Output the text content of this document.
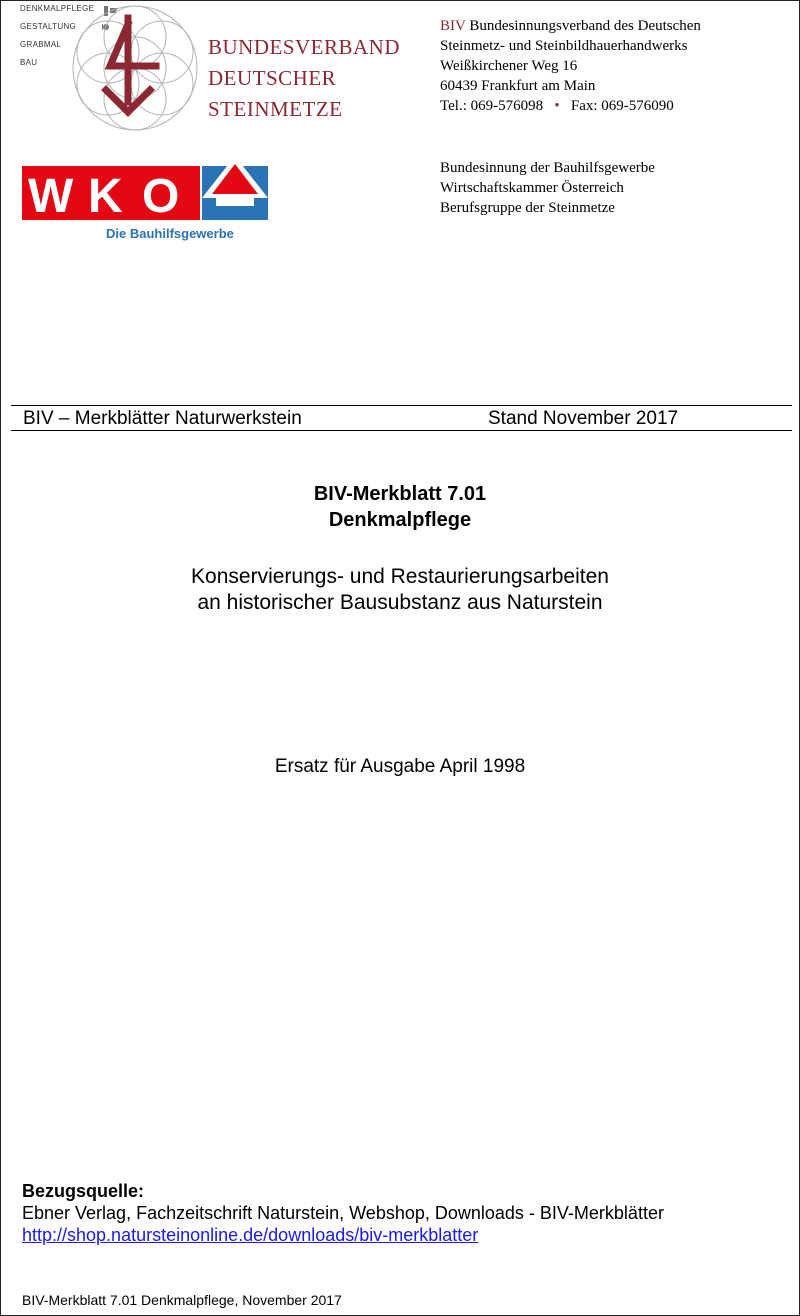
DENKMALPFLEGE
GESTALTUNG
GRABMAL
BAU
BUNDESVERBAND
DEUTSCHER
STEINMETZE
BIV Bundesinnungsverband des Deutschen
Steinmetz- und Steinbildhauerhandwerks
Weißkirchener Weg 16
60439 Frankfurt am Main
Tel.: 069-576098 • Fax: 069-576090
W K O
Die Bauhilfsgewerbe
Bundesinnung der Bauhilfsgewerbe
Wirtschaftskammer Österreich
Berufsgruppe der Steinmetze
BIV – Merkblätter Naturwerkstein	Stand November 2017
BIV-Merkblatt 7.01
Denkmalpflege
Konservierungs- und Restaurierungsarbeiten
an historischer Bausubstanz aus Naturstein
Ersatz für Ausgabe April 1998
Bezugsquelle:
Ebner Verlag, Fachzeitschrift Naturstein, Webshop, Downloads - BIV-Merkblätter
http://shop.natursteinonline.de/downloads/biv-merkblatter
BIV-Merkblatt 7.01 Denkmalpflege, November 2017
